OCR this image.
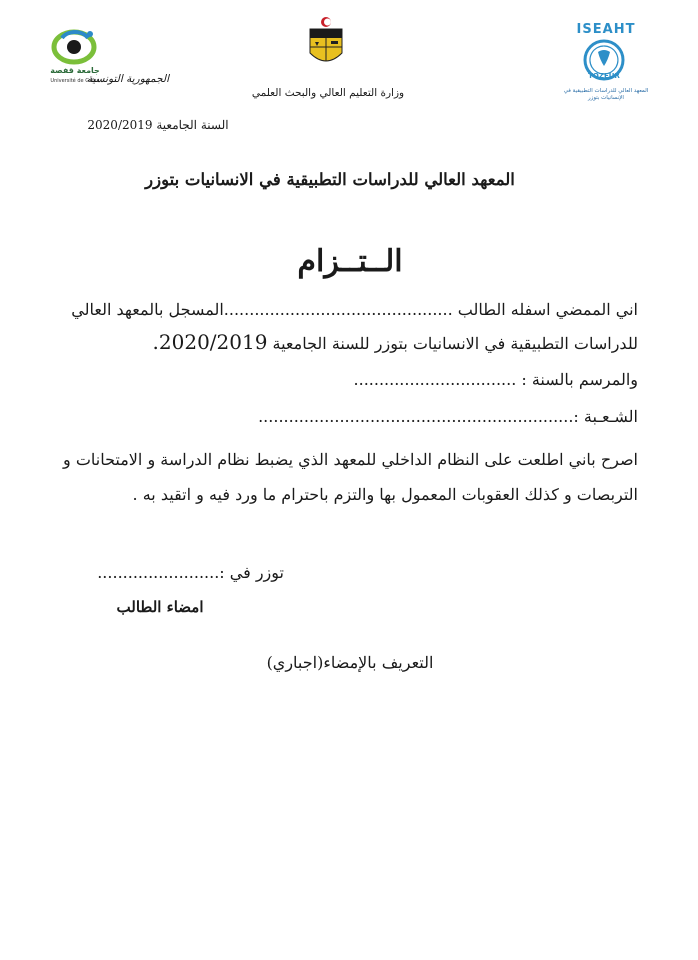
جامعة قفصة
Université de Gafsa
الجمهورية التونسية
وزارة التعليم العالي والبحث العلمي
ISEAHT
TOZEUR
المعهد العالي للدراسات التطبيقية في الإنسانيات بتوزر
السنة الجامعية 2020/2019
المعهد العالي للدراسات التطبيقية في الانسانيات بتوزر
الــتــزام
اني الممضي اسفله الطالب .............................................المسجل بالمعهد العالي
للدراسات التطبيقية في الانسانيات بتوزر للسنة الجامعية 2020/2019.
والمرسم بالسنة : ................................
الشـعـبة :..............................................................
اصرح باني اطلعت على النظام الداخلي للمعهد الذي يضبط نظام الدراسة و الامتحانات و
التربصات و كذلك العقوبات المعمول بها والتزم باحترام ما ورد فيه و اتقيد به .
توزر في :........................
امضاء الطالب
التعريف بالإمضاء(اجباري)
